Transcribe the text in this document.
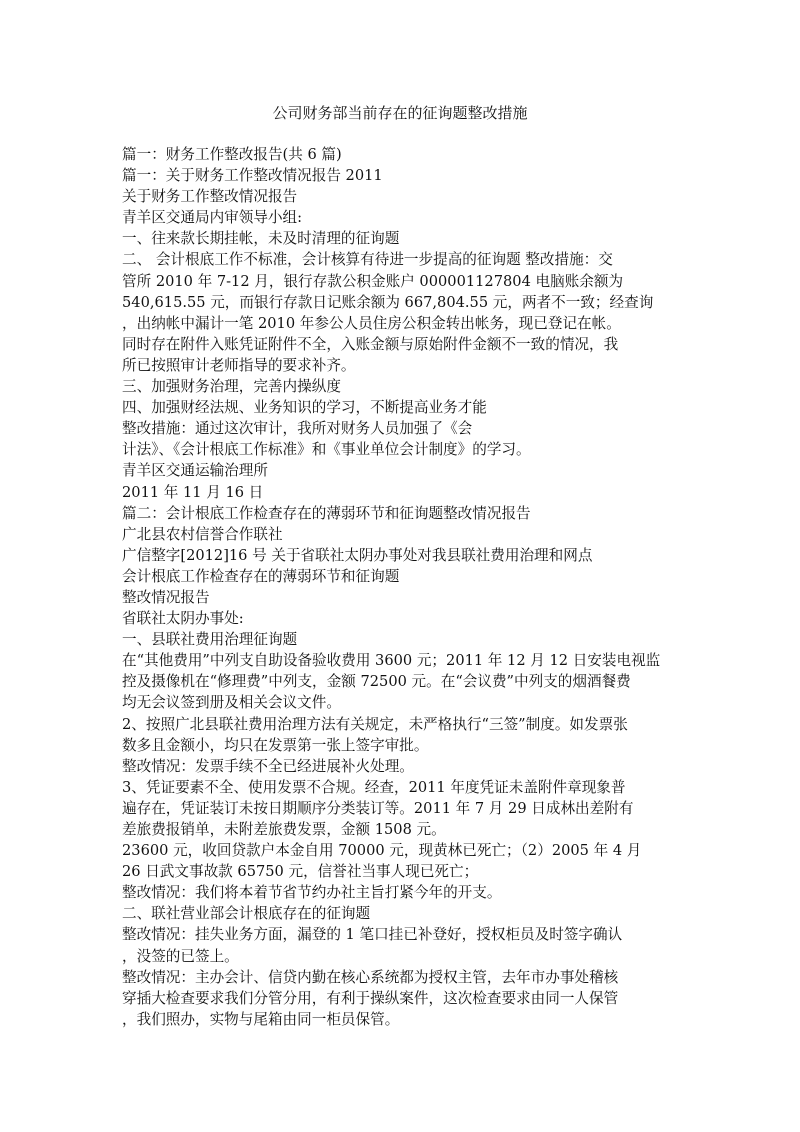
公司财务部当前存在的征询题整改措施
篇一：财务工作整改报告(共 6 篇)
篇一：关于财务工作整改情况报告 2011
关于财务工作整改情况报告
青羊区交通局内审领导小组:
一、往来款长期挂帐，未及时清理的征询题
二、 会计根底工作不标准，会计核算有待进一步提高的征询题 整改措施：交
管所 2010 年 7-12 月，银行存款公积金账户 000001127804 电脑账余额为
540,615.55 元，而银行存款日记账余额为 667,804.55 元，两者不一致；经查询
，出纳帐中漏计一笔 2010 年参公人员住房公积金转出帐务，现已登记在帐。
同时存在附件入账凭证附件不全，入账金额与原始附件金额不一致的情况，我
所已按照审计老师指导的要求补齐。
三、加强财务治理，完善内操纵度
四、加强财经法规、业务知识的学习，不断提高业务才能
整改措施：通过这次审计，我所对财务人员加强了《会
计法》、《会计根底工作标准》和《事业单位会计制度》的学习。
青羊区交通运输治理所
2011 年 11 月 16 日
篇二：会计根底工作检查存在的薄弱环节和征询题整改情况报告
广北县农村信誉合作联社
广信整字[2012]16 号 关于省联社太阴办事处对我县联社费用治理和网点
会计根底工作检查存在的薄弱环节和征询题
整改情况报告
省联社太阴办事处:
一、县联社费用治理征询题
在“其他费用”中列支自助设备验收费用 3600 元；2011 年 12 月 12 日安装电视监
控及摄像机在“修理费”中列支，金额 72500 元。在“会议费”中列支的烟酒餐费
均无会议签到册及相关会议文件。
2、按照广北县联社费用治理方法有关规定，未严格执行“三签”制度。如发票张
数多且金额小，均只在发票第一张上签字审批。
整改情况：发票手续不全已经进展补火处理。
3、凭证要素不全、使用发票不合规。经查，2011 年度凭证未盖附件章现象普
遍存在，凭证装订未按日期顺序分类装订等。2011 年 7 月 29 日成林出差附有
差旅费报销单，未附差旅费发票，金额 1508 元。
23600 元，收回贷款户本金自用 70000 元，现黄林已死亡；（2）2005 年 4 月
26 日武文事故款 65750 元，信誉社当事人现已死亡；
整改情况：我们将本着节省节约办社主旨打紧今年的开支。
二、联社营业部会计根底存在的征询题
整改情况：挂失业务方面，漏登的 1 笔口挂已补登好，授权柜员及时签字确认
，没签的已签上。
整改情况：主办会计、信贷内勤在核心系统都为授权主管，去年市办事处稽核
穿插大检查要求我们分管分用，有利于操纵案件，这次检查要求由同一人保管
，我们照办，实物与尾箱由同一柜员保管。
